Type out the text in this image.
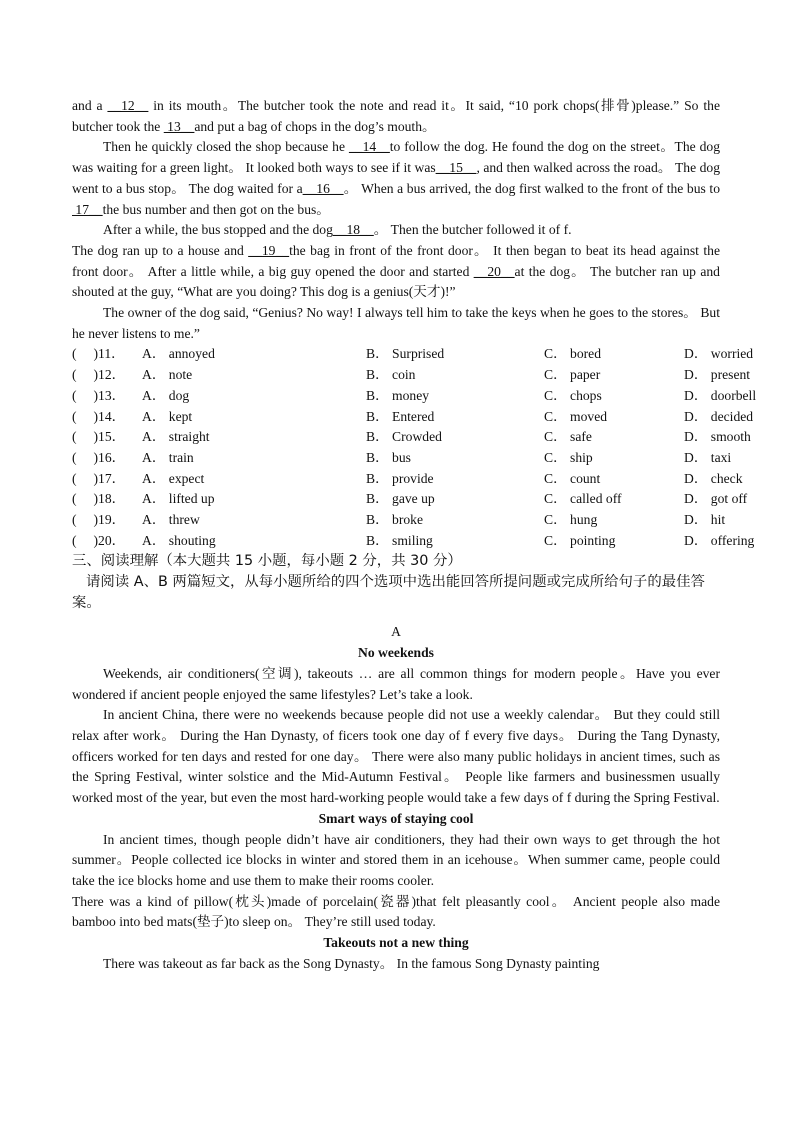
and a __12__ in its mouth。The butcher took the note and read it。It said, “10 pork chops(排骨)please.” So the butcher took the  13__and put a bag of chops in the dog’s mouth。

Then he quickly closed the shop because he __14__to follow the dog. He found the dog on the street。The dog was waiting for a green light。 It looked both ways to see if it was__15__, and then walked across the road。 The dog went to a bus stop。 The dog waited for a__16__。 When a bus arrived, the dog first walked to the front of the bus to  17__the bus number and then got on the bus。

After a while, the bus stopped and the dog__18__。 Then the butcher followed it of f.

The dog ran up to a house and __19__the bag in front of the front door。 It then began to beat its head against the front door。 After a little while, a big guy opened the door and started __20__at the dog。 The butcher ran up and shouted at the guy, “What are you doing? This dog is a genius(天才)!”

The owner of the dog said, “Genius? No way! I always tell him to take the keys when he goes to the stores。 But he never listens to me.”

(　 )11．	A． annoyed	B． Surprised	C． bored	D． worried
(　 )12．	A． note	B． coin	C． paper	D． present
(　 )13．	A． dog	B． money	C． chops	D． doorbell
(　 )14．	A． kept	B． Entered	C． moved	D． decided
(　 )15．	A． straight	B． Crowded	C． safe	D． smooth
(　 )16．	A． train	B． bus	C． ship	D． taxi
(　 )17．	A． expect	B． provide	C． count	D． check
(　 )18．	A． lifted up	B． gave up	C． called off	D． got off
(　 )19．	A． threw	B． broke	C． hung	D． hit
(　 )20．	A． shouting	B． smiling	C． pointing	D． offering

三、阅读理解（本大题共 15 小题，每小题 2 分，共 30 分）

请阅读 A、B 两篇短文，从每小题所给的四个选项中选出能回答所提问题或完成所给句子的最佳答案。

A

No weekends

Weekends, air conditioners(空调), takeouts … are all common things for modern people。Have you ever wondered if ancient people enjoyed the same lifestyles? Let’s take a look.

In ancient China, there were no weekends because people did not use a weekly calendar。 But they could still relax after work。 During the Han Dynasty, of ficers took one day of f every five days。 During the Tang Dynasty, officers worked for ten days and rested for one day。 There were also many public holidays in ancient times, such as the Spring Festival, winter solstice and the Mid-Autumn Festival。 People like farmers and businessmen usually worked most of the year, but even the most hard-working people would take a few days of f during the Spring Festival.

Smart ways of staying cool

In ancient times, though people didn’t have air conditioners, they had their own ways to get through the hot summer。People collected ice blocks in winter and stored them in an icehouse。When summer came, people could take the ice blocks home and use them to make their rooms cooler.

There was a kind of pillow(枕头)made of porcelain(瓷器)that felt pleasantly cool。 Ancient people also made bamboo into bed mats(垫子)to sleep on。 They’re still used today.

Takeouts not a new thing

There was takeout as far back as the Song Dynasty。 In the famous Song Dynasty painting
